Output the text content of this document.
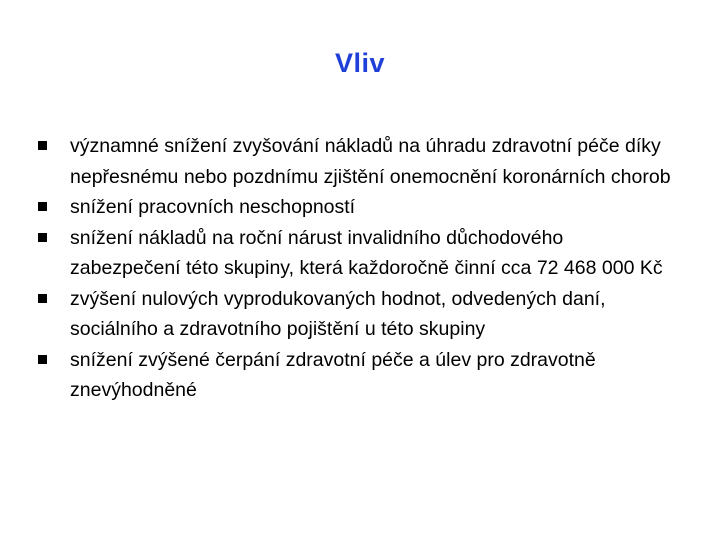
Vliv
významné snížení zvyšování nákladů na úhradu zdravotní péče díky nepřesnému nebo pozdnímu zjištění onemocnění koronárních chorob
snížení pracovních neschopností
snížení nákladů na roční nárust invalidního důchodového zabezpečení této skupiny, která každoročně činní cca 72 468 000 Kč
zvýšení nulových vyprodukovaných hodnot, odvedených daní, sociálního a zdravotního pojištění u této skupiny
snížení zvýšené čerpání zdravotní péče a úlev pro zdravotně znevýhodněné
